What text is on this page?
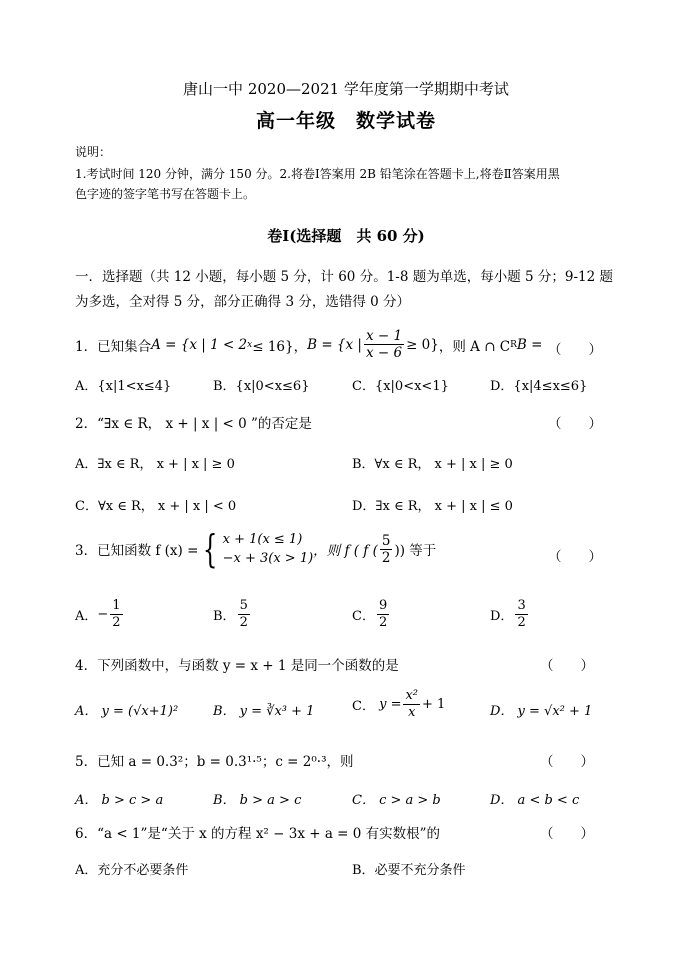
唐山一中 2020—2021 学年度第一学期期中考试
高一年级　数学试卷
说明：
1.考试时间 120 分钟，满分 150 分。2.将卷Ⅰ答案用 2B 铅笔涂在答题卡上,将卷Ⅱ答案用黑
色字迹的签字笔书写在答题卡上。
卷Ⅰ(选择题　共 60 分)
一．选择题（共 12 小题，每小题 5 分，计 60 分。1-8 题为单选，每小题 5 分；9-12 题
为多选，全对得 5 分，部分正确得 3 分，选错得 0 分）
1．已知集合 A = {x | 1 < 2 x ≤ 16}， B = {x | $\frac{x - 1}{x - 6} \ge 0$} ，则 A ∩ C R B = （　　）
A．{x|1<x≤4}	B．{x|0<x≤6}	C．{x|0<x<1}	D．{x|4≤x≤6}
2．“∃x ∈ R， x + | x | < 0 ”的否定是	（　　）
A．∃x ∈ R， x + | x | ≥ 0	B．∀x ∈ R， x + | x | ≥ 0
C．∀x ∈ R， x + | x | < 0	D．∃x ∈ R， x + | x | ≤ 0
3．已知函数 f (x) = { x + 1(x ≤ 1)
−x + 3(x > 1) ，则 f ( f ( $\frac{5}{2}$ )) 等于	（　　）
A． − $\frac{1}{2}$	B． $\frac{5}{2}$	C． $\frac{9}{2}$	D． $\frac{3}{2}$
4．下列函数中，与函数 y = x + 1 是同一个函数的是	（　　）
A． y = (√x+1)²	B． y = ∛x³ + 1	C．
$y = \frac{\text{x²}}{x} + 1$	D． y = √x² + 1
5．已知 a = 0.3²；b = 0.3¹·⁵；c = 2⁰·³，则	（　　）
A． b > c > a	B． b > a > c	C． c > a > b	D． a < b < c
6．“a < 1”是“关于 x 的方程 x² − 3x + a = 0 有实数根”的	（　　）
A．充分不必要条件	B．必要不充分条件
